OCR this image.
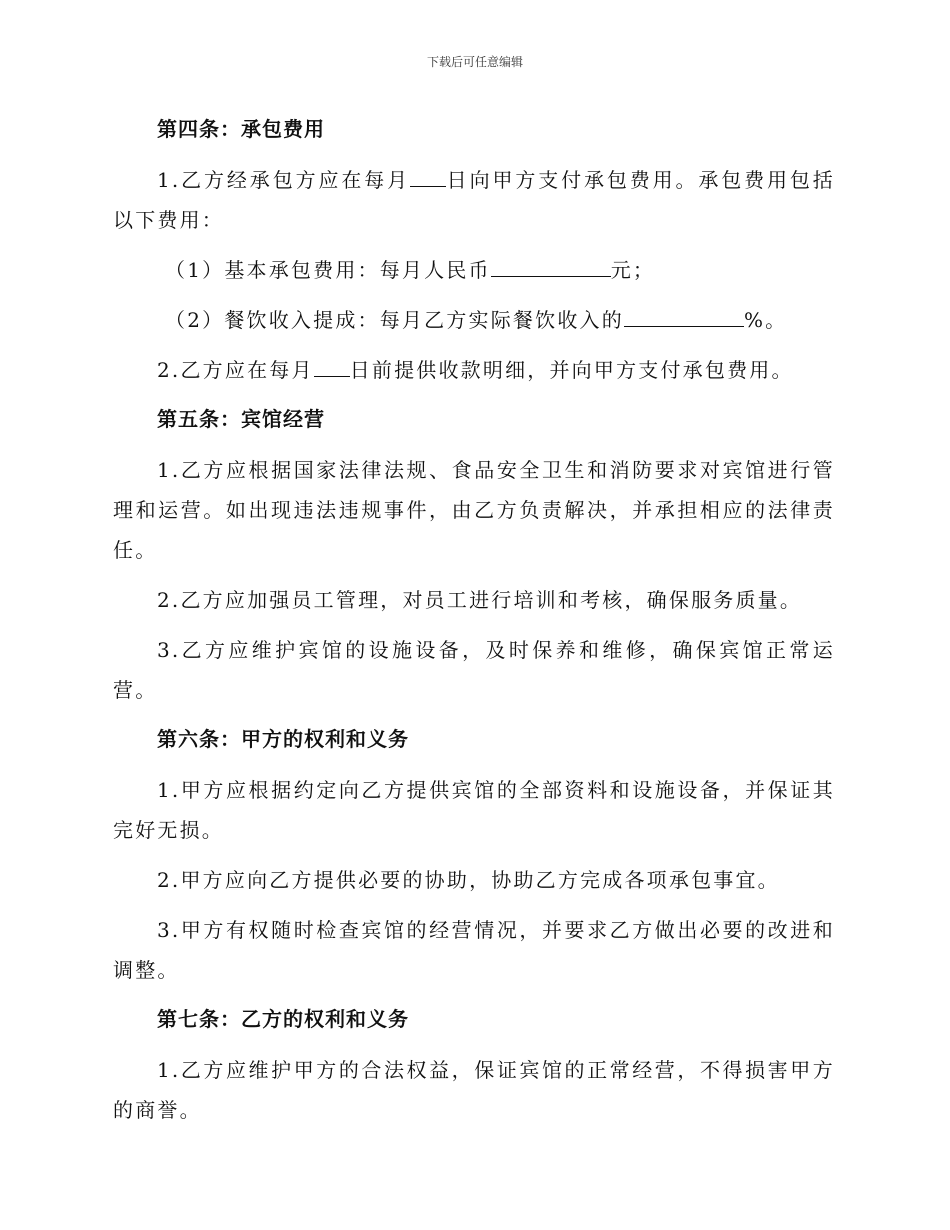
下载后可任意编辑
第四条：承包费用

1.乙方经承包方应在每月 日向甲方支付承包费用。承包费用包括以下费用：

（1）基本承包费用：每月人民币	元；

（2）餐饮收入提成：每月乙方实际餐饮收入的	%。

2.乙方应在每月 日前提供收款明细，并向甲方支付承包费用。

第五条：宾馆经营

1.乙方应根据国家法律法规、食品安全卫生和消防要求对宾馆进行管理和运营。如出现违法违规事件，由乙方负责解决，并承担相应的法律责任。

2.乙方应加强员工管理，对员工进行培训和考核，确保服务质量。

3.乙方应维护宾馆的设施设备，及时保养和维修，确保宾馆正常运营。

第六条：甲方的权利和义务

1.甲方应根据约定向乙方提供宾馆的全部资料和设施设备，并保证其完好无损。

2.甲方应向乙方提供必要的协助，协助乙方完成各项承包事宜。

3.甲方有权随时检查宾馆的经营情况，并要求乙方做出必要的改进和调整。

第七条：乙方的权利和义务

1.乙方应维护甲方的合法权益，保证宾馆的正常经营，不得损害甲方的商誉。
